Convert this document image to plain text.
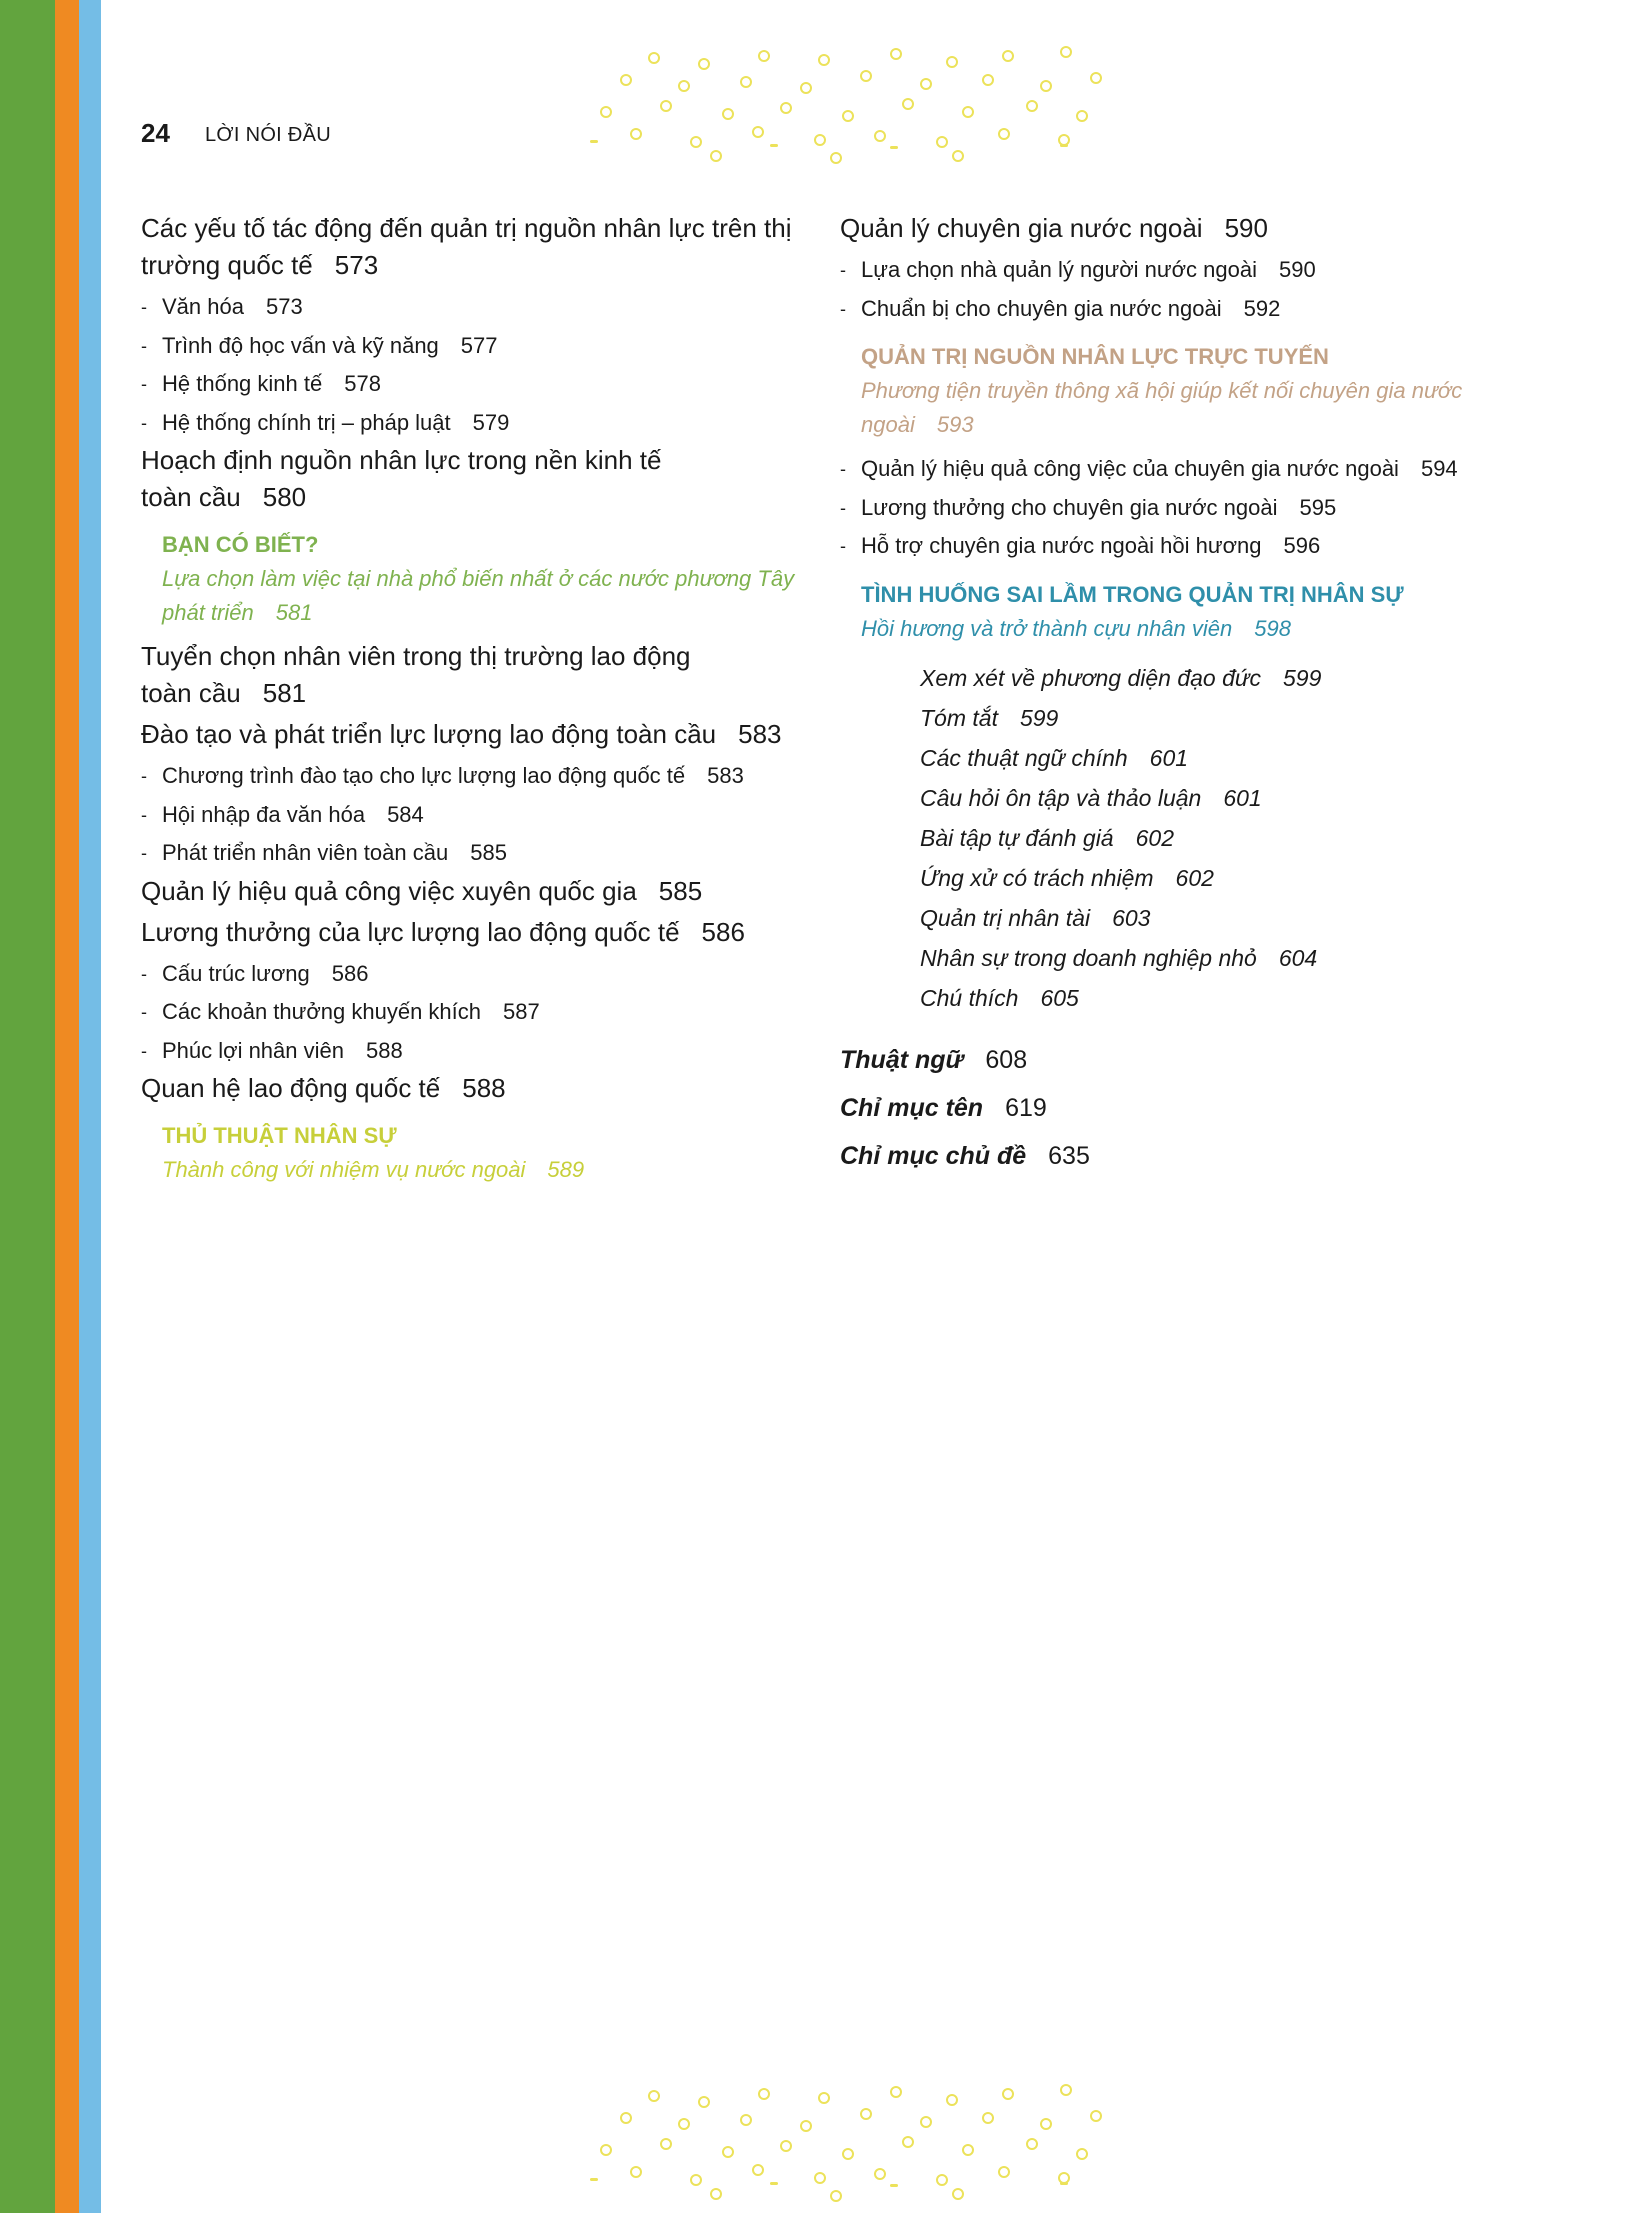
24 LỜI NÓI ĐẦU
Các yếu tố tác động đến quản trị nguồn nhân lực trên thị trường quốc tế 573
- Văn hóa 573
- Trình độ học vấn và kỹ năng 577
- Hệ thống kinh tế 578
- Hệ thống chính trị – pháp luật 579
Hoạch định nguồn nhân lực trong nền kinh tế toàn cầu 580
BẠN CÓ BIẾT?
Lựa chọn làm việc tại nhà phổ biến nhất ở các nước phương Tây phát triển 581
Tuyển chọn nhân viên trong thị trường lao động toàn cầu 581
Đào tạo và phát triển lực lượng lao động toàn cầu 583
- Chương trình đào tạo cho lực lượng lao động quốc tế 583
- Hội nhập đa văn hóa 584
- Phát triển nhân viên toàn cầu 585
Quản lý hiệu quả công việc xuyên quốc gia 585
Lương thưởng của lực lượng lao động quốc tế 586
- Cấu trúc lương 586
- Các khoản thưởng khuyến khích 587
- Phúc lợi nhân viên 588
Quan hệ lao động quốc tế 588
THỦ THUẬT NHÂN SỰ
Thành công với nhiệm vụ nước ngoài 589
Quản lý chuyên gia nước ngoài 590
- Lựa chọn nhà quản lý người nước ngoài 590
- Chuẩn bị cho chuyên gia nước ngoài 592
QUẢN TRỊ NGUỒN NHÂN LỰC TRỰC TUYẾN
Phương tiện truyền thông xã hội giúp kết nối chuyên gia nước ngoài 593
- Quản lý hiệu quả công việc của chuyên gia nước ngoài 594
- Lương thưởng cho chuyên gia nước ngoài 595
- Hỗ trợ chuyên gia nước ngoài hồi hương 596
TÌNH HUỐNG SAI LẦM TRONG QUẢN TRỊ NHÂN SỰ
Hồi hương và trở thành cựu nhân viên 598
Xem xét về phương diện đạo đức 599
Tóm tắt 599
Các thuật ngữ chính 601
Câu hỏi ôn tập và thảo luận 601
Bài tập tự đánh giá 602
Ứng xử có trách nhiệm 602
Quản trị nhân tài 603
Nhân sự trong doanh nghiệp nhỏ 604
Chú thích 605
Thuật ngữ 608
Chỉ mục tên 619
Chỉ mục chủ đề 635
